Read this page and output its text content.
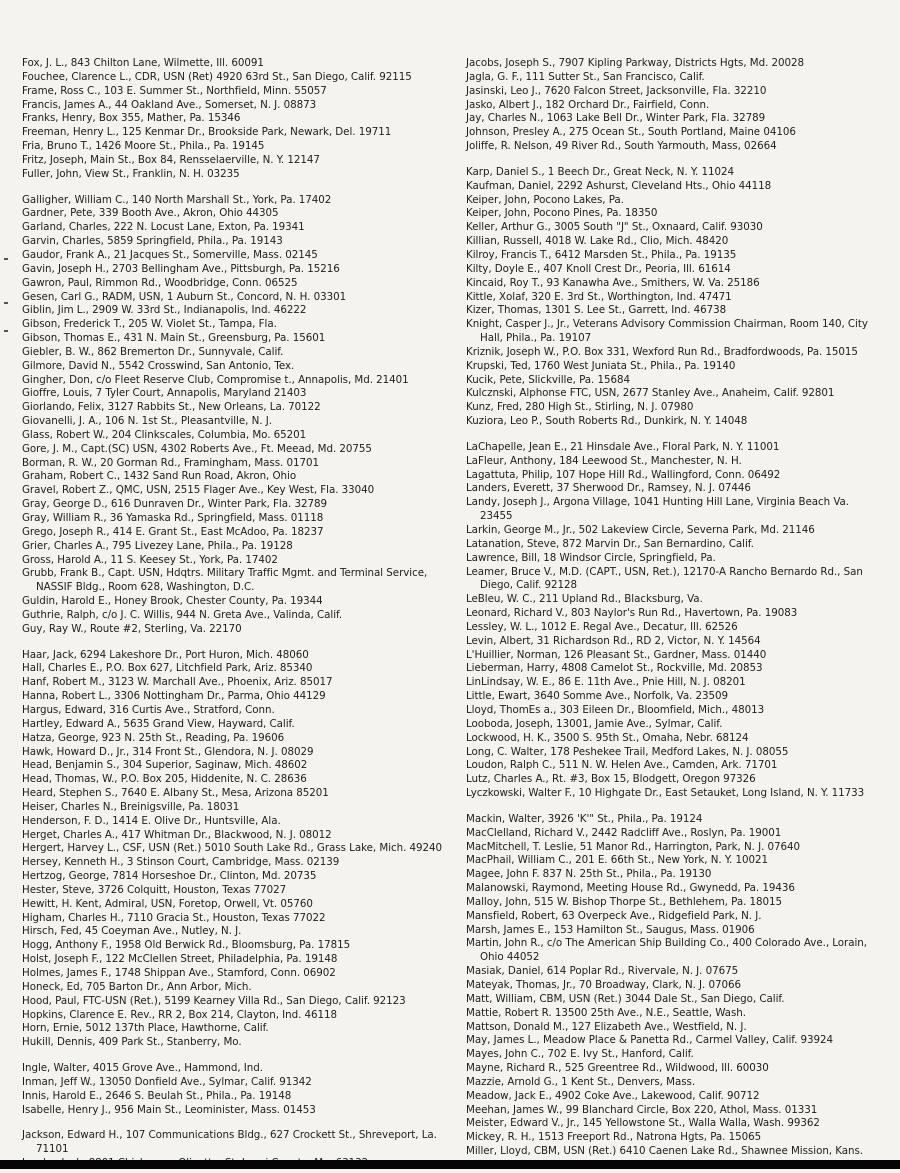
Fox, J. L., 843 Chilton Lane, Wilmette, Ill. 60091
Fouchee, Clarence L., CDR, USN (Ret) 4920 63rd St., San Diego, Calif. 92115
Frame, Ross C., 103 E. Summer St., Northfield, Minn. 55057
Francis, James A., 44 Oakland Ave., Somerset, N. J. 08873
Franks, Henry, Box 355, Mather, Pa. 15346
Freeman, Henry L., 125 Kenmar Dr., Brookside Park, Newark, Del. 19711
Fria, Bruno T., 1426 Moore St., Phila., Pa. 19145
Fritz, Joseph, Main St., Box 84, Rensselaerville, N. Y. 12147
Fuller, John, View St., Franklin, N. H. 03235
Galligher, William C., 140 North Marshall St., York, Pa. 17402
Gardner, Pete, 339 Booth Ave., Akron, Ohio 44305
Garland, Charles, 222 N. Locust Lane, Exton, Pa. 19341
Garvin, Charles, 5859 Springfield, Phila., Pa. 19143
Gaudor, Frank A., 21 Jacques St., Somerville, Mass. 02145
Gavin, Joseph H., 2703 Bellingham Ave., Pittsburgh, Pa. 15216
Gawron, Paul, Rimmon Rd., Woodbridge, Conn. 06525
Gesen, Carl G., RADM, USN, 1 Auburn St., Concord, N. H. 03301
Giblin, Jim L., 2909 W. 33rd St., Indianapolis, Ind. 46222
Gibson, Frederick T., 205 W. Violet St., Tampa, Fla.
Gibson, Thomas E., 431 N. Main St., Greensburg, Pa. 15601
Giebler, B. W., 862 Bremerton Dr., Sunnyvale, Calif.
Gilmore, David N., 5542 Crosswind, San Antonio, Tex.
Gingher, Don, c/o Fleet Reserve Club, Compromise t., Annapolis, Md. 21401
Gioffre, Louis, 7 Tyler Court, Annapolis, Maryland 21403
Giorlando, Felix, 3127 Rabbits St., New Orleans, La. 70122
Giovanelli, J. A., 106 N. 1st St., Pleasantville, N. J.
Glass, Robert W., 204 Clinkscales, Columbia, Mo. 65201
Gore, J. M., Capt.(SC) USN, 4302 Roberts Ave., Ft. Meead, Md. 20755
Borman, R. W., 20 Gorman Rd., Framingham, Mass. 01701
Graham, Robert C., 1432 Sand Run Road, Akron, Ohio
Gravel, Robert Z., QMC, USN, 2515 Flager Ave., Key West, Fla. 33040
Gray, George D., 616 Dunraven Dr., Winter Park, Fla. 32789
Gray, William R., 36 Yamaska Rd., Springfield, Mass. 01118
Grego, Joseph R., 414 E. Grant St., East McAdoo, Pa. 18237
Grier, Charles A., 795 Livezey Lane, Phila., Pa. 19128
Gross, Harold A., 11 S. Keesey St., York, Pa. 17402
Grubb, Frank B., Capt. USN, Hdqtrs. Military Traffic Mgmt. and Terminal Service, NASSIF Bldg., Room 628, Washington, D.C.
Guldin, Harold E., Honey Brook, Chester County, Pa. 19344
Guthrie, Ralph, c/o J. C. Willis, 944 N. Greta Ave., Valinda, Calif.
Guy, Ray W., Route #2, Sterling, Va. 22170
Haar, Jack, 6294 Lakeshore Dr., Port Huron, Mich. 48060
Hall, Charles E., P.O. Box 627, Litchfield Park, Ariz. 85340
Hanf, Robert M., 3123 W. Marchall Ave., Phoenix, Ariz. 85017
Hanna, Robert L., 3306 Nottingham Dr., Parma, Ohio 44129
Hargus, Edward, 316 Curtis Ave., Stratford, Conn.
Hartley, Edward A., 5635 Grand View, Hayward, Calif.
Hatza, George, 923 N. 25th St., Reading, Pa. 19606
Hawk, Howard D., Jr., 314 Front St., Glendora, N. J. 08029
Head, Benjamin S., 304 Superior, Saginaw, Mich. 48602
Head, Thomas, W., P.O. Box 205, Hiddenite, N. C. 28636
Heard, Stephen S., 7640 E. Albany St., Mesa, Arizona 85201
Heiser, Charles N., Breinigsville, Pa. 18031
Henderson, F. D., 1414 E. Olive Dr., Huntsville, Ala.
Herget, Charles A., 417 Whitman Dr., Blackwood, N. J. 08012
Hergert, Harvey L., CSF, USN (Ret.) 5010 South Lake Rd., Grass Lake, Mich. 49240
Hersey, Kenneth H., 3 Stinson Court, Cambridge, Mass. 02139
Hertzog, George, 7814 Horseshoe Dr., Clinton, Md. 20735
Hester, Steve, 3726 Colquitt, Houston, Texas 77027
Hewitt, H. Kent, Admiral, USN, Foretop, Orwell, Vt. 05760
Higham, Charles H., 7110 Gracia St., Houston, Texas 77022
Hirsch, Fed, 45 Coeyman Ave., Nutley, N. J.
Hogg, Anthony F., 1958 Old Berwick Rd., Bloomsburg, Pa. 17815
Holst, Joseph F., 122 McClellen Street, Philadelphia, Pa. 19148
Holmes, James F., 1748 Shippan Ave., Stamford, Conn. 06902
Honeck, Ed, 705 Barton Dr., Ann Arbor, Mich.
Hood, Paul, FTC-USN (Ret.), 5199 Kearney Villa Rd., San Diego, Calif. 92123
Hopkins, Clarence E. Rev., RR 2, Box 214, Clayton, Ind. 46118
Horn, Ernie, 5012 137th Place, Hawthorne, Calif.
Hukill, Dennis, 409 Park St., Stanberry, Mo.
Ingle, Walter, 4015 Grove Ave., Hammond, Ind.
Inman, Jeff W., 13050 Donfield Ave., Sylmar, Calif. 91342
Innis, Harold E., 2646 S. Beulah St., Phila., Pa. 19148
Isabelle, Henry J., 956 Main St., Leominister, Mass. 01453
Jackson, Edward H., 107 Communications Bldg., 627 Crockett St., Shreveport, La. 71101
Jacobs, Joseph S., 7907 Kipling Parkway, Districts Hgts, Md. 20028
Jagla, G. F., 111 Sutter St., San Francisco, Calif.
Jasinski, Leo J., 7620 Falcon Street, Jacksonville, Fla. 32210
Jasko, Albert J., 182 Orchard Dr., Fairfield, Conn.
Jay, Charles N., 1063 Lake Bell Dr., Winter Park, Fla. 32789
Johnson, Presley A., 275 Ocean St., South Portland, Maine 04106
Joliffe, R. Nelson, 49 River Rd., South Yarmouth, Mass, 02664
Karp, Daniel S., 1 Beech Dr., Great Neck, N. Y. 11024
Kaufman, Daniel, 2292 Ashurst, Cleveland Hts., Ohio 44118
Keiper, John, Pocono Lakes, Pa.
Keiper, John, Pocono Pines, Pa. 18350
Keller, Arthur G., 3005 South "J" St., Oxnaard, Calif. 93030
Killian, Russell, 4018 W. Lake Rd., Clio, Mich. 48420
Kilroy, Francis T., 6412 Marsden St., Phila., Pa. 19135
Kilty, Doyle E., 407 Knoll Crest Dr., Peoria, Ill. 61614
Kincaid, Roy T., 93 Kanawha Ave., Smithers, W. Va. 25186
Kittle, Xolaf, 320 E. 3rd St., Worthington, Ind. 47471
Kizer, Thomas, 1301 S. Lee St., Garrett, Ind. 46738
Knight, Casper J., Jr., Veterans Advisory Commission Chairman, Room 140, City Hall, Phila., Pa. 19107
Kriznik, Joseph W., P.O. Box 331, Wexford Run Rd., Bradfordwoods, Pa. 15015
Krupski, Ted, 1760 West Juniata St., Phila., Pa. 19140
Kucik, Pete, Slickville, Pa. 15684
Kulcznski, Alphonse FTC, USN, 2677 Stanley Ave., Anaheim, Calif. 92801
Kunz, Fred, 280 High St., Stirling, N. J. 07980
Kuziora, Leo P., South Roberts Rd., Dunkirk, N. Y. 14048
LaChapelle, Jean E., 21 Hinsdale Ave., Floral Park, N. Y. 11001
LaFleur, Anthony, 184 Leewood St., Manchester, N. H.
Lagattuta, Philip, 107 Hope Hill Rd., Wallingford, Conn. 06492
Landers, Everett, 37 Sherwood Dr., Ramsey, N. J. 07446
Landy, Joseph J., Argona Village, 1041 Hunting Hill Lane, Virginia Beach Va. 23455
Larkin, George M., Jr., 502 Lakeview Circle, Severna Park, Md. 21146
Latanation, Steve, 872 Marvin Dr., San Bernardino, Calif.
Lawrence, Bill, 18 Windsor Circle, Springfield, Pa.
Leamer, Bruce V., M.D. (CAPT., USN, Ret.), 12170-A Rancho Bernardo Rd., San Diego, Calif. 92128
LeBleu, W. C., 211 Upland Rd., Blacksburg, Va.
Leonard, Richard V., 803 Naylor's Run Rd., Havertown, Pa. 19083
Lessley, W. L., 1012 E. Regal Ave., Decatur, Ill. 62526
Levin, Albert, 31 Richardson Rd., RD 2, Victor, N. Y. 14564
L'Huillier, Norman, 126 Pleasant St., Gardner, Mass. 01440
Lieberman, Harry, 4808 Camelot St., Rockville, Md. 20853
LinLindsay, W. E., 86 E. 11th Ave., Pnie Hill, N. J. 08201
Little, Ewart, 3640 Somme Ave., Norfolk, Va. 23509
Lloyd, ThomEs a., 303 Eileen Dr., Bloomfield, Mich., 48013
Looboda, Joseph, 13001, Jamie Ave., Sylmar, Calif.
Lockwood, H. K., 3500 S. 95th St., Omaha, Nebr. 68124
Long, C. Walter, 178 Peshekee Trail, Medford Lakes, N. J. 08055
Loudon, Ralph C., 511 N. W. Helen Ave., Camden, Ark. 71701
Lutz, Charles A., Rt. #3, Box 15, Blodgett, Oregon 97326
Lyczkowski, Walter F., 10 Highgate Dr., East Setauket, Long Island, N. Y. 11733
Mackin, Walter, 3926 'K'" St., Phila., Pa. 19124
MacClelland, Richard V., 2442 Radcliff Ave., Roslyn, Pa. 19001
MacMitchell, T. Leslie, 51 Manor Rd., Harrington, Park, N. J. 07640
MacPhail, William C., 201 E. 66th St., New York, N. Y. 10021
Magee, John F. 837 N. 25th St., Phila., Pa. 19130
Malanowski, Raymond, Meeting House Rd., Gwynedd, Pa. 19436
Malloy, John, 515 W. Bishop Thorpe St., Bethlehem, Pa. 18015
Mansfield, Robert, 63 Overpeck Ave., Ridgefield Park, N. J.
Marsh, James E., 153 Hamilton St., Saugus, Mass. 01906
Martin, John R., c/o The American Ship Building Co., 400 Colorado Ave., Lorain, Ohio 44052
Masiak, Daniel, 614 Poplar Rd., Rivervale, N. J. 07675
Mateyak, Thomas, Jr., 70 Broadway, Clark, N. J. 07066
Matt, William, CBM, USN (Ret.) 3044 Dale St., San Diego, Calif.
Mattie, Robert R. 13500 25th Ave., N.E., Seattle, Wash.
Mattson, Donald M., 127 Elizabeth Ave., Westfield, N. J.
May, James L., Meadow Place & Panetta Rd., Carmel Valley, Calif. 93924
Mayes, John C., 702 E. Ivy St., Hanford, Calif.
Mayne, Richard R., 525 Greentree Rd., Wildwood, Ill. 60030
Mazzie, Arnold G., 1 Kent St., Denvers, Mass.
Meadow, Jack E., 4902 Coke Ave., Lakewood, Calif. 90712
Meehan, James W., 99 Blanchard Circle, Box 220, Athol, Mass. 01331
Meister, Edward V., Jr., 145 Yellowstone St., Walla Walla, Wash. 99362
Mickey, R. H., 1513 Freeport Rd., Natrona Hgts, Pa. 15065
Miller, Lloyd, CBM, USN (Ret.) 6410 Caenen Lake Rd., Shawnee Mission, Kans.
